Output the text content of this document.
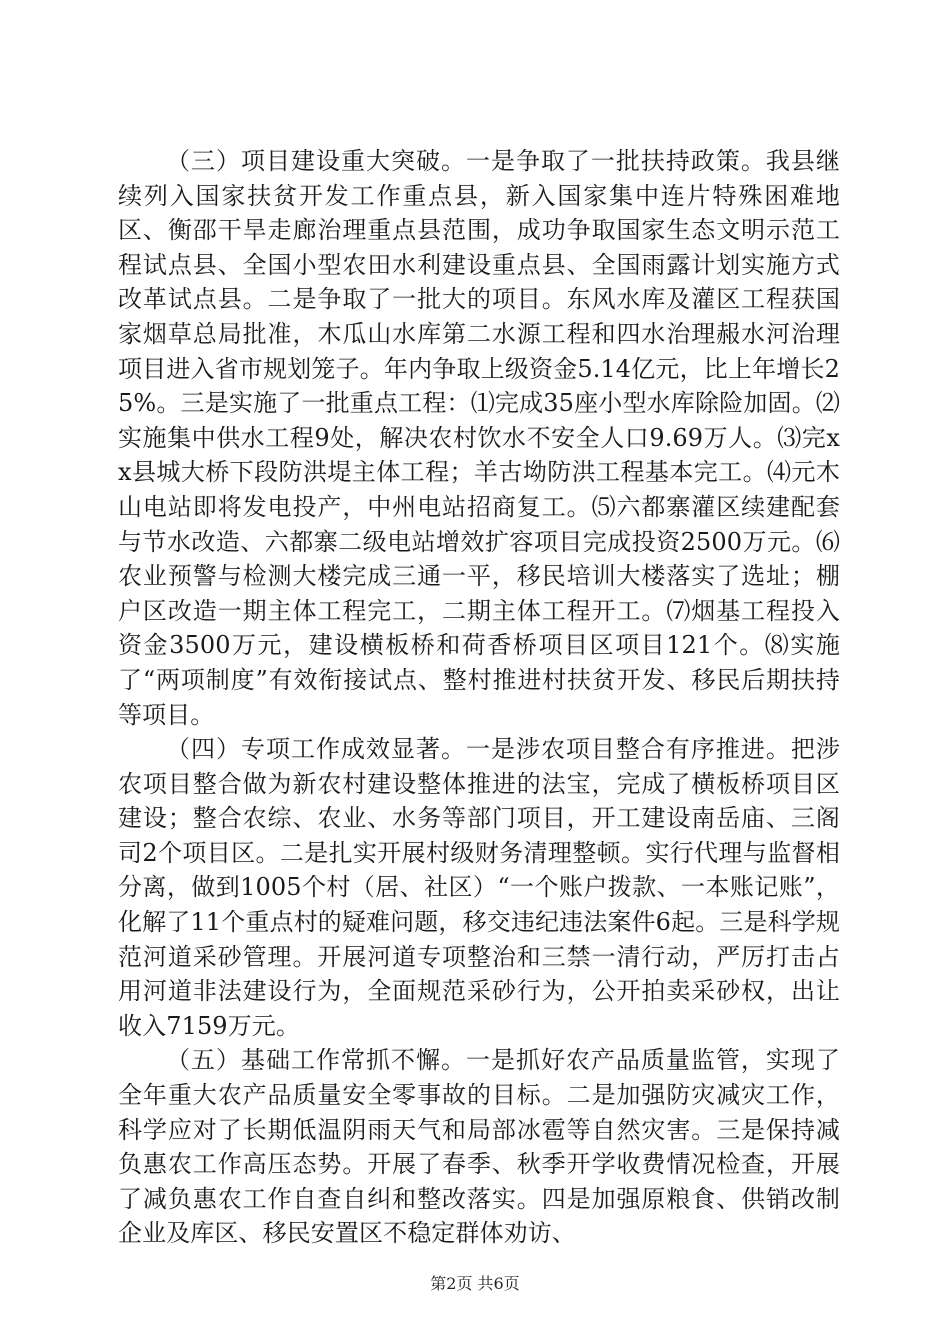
（三）项目建设重大突破。一是争取了一批扶持政策。我县继续列入国家扶贫开发工作重点县，新入国家集中连片特殊困难地区、衡邵干旱走廊治理重点县范围，成功争取国家生态文明示范工程试点县、全国小型农田水利建设重点县、全国雨露计划实施方式改革试点县。二是争取了一批大的项目。东风水库及灌区工程获国家烟草总局批准，木瓜山水库第二水源工程和四水治理赧水河治理项目进入省市规划笼子。年内争取上级资金5.14亿元，比上年增长25%。三是实施了一批重点工程：⑴完成35座小型水库除险加固。⑵实施集中供水工程9处，解决农村饮水不安全人口9.69万人。⑶完xx县城大桥下段防洪堤主体工程；羊古坳防洪工程基本完工。⑷元木山电站即将发电投产，中州电站招商复工。⑸六都寨灌区续建配套与节水改造、六都寨二级电站增效扩容项目完成投资2500万元。⑹农业预警与检测大楼完成三通一平，移民培训大楼落实了选址；棚户区改造一期主体工程完工，二期主体工程开工。⑺烟基工程投入资金3500万元，建设横板桥和荷香桥项目区项目121个。⑻实施了“两项制度”有效衔接试点、整村推进村扶贫开发、移民后期扶持等项目。

（四）专项工作成效显著。一是涉农项目整合有序推进。把涉农项目整合做为新农村建设整体推进的法宝，完成了横板桥项目区建设；整合农综、农业、水务等部门项目，开工建设南岳庙、三阁司2个项目区。二是扎实开展村级财务清理整顿。实行代理与监督相分离，做到1005个村（居、社区）“一个账户拨款、一本账记账”，化解了11个重点村的疑难问题，移交违纪违法案件6起。三是科学规范河道采砂管理。开展河道专项整治和三禁一清行动，严厉打击占用河道非法建设行为，全面规范采砂行为，公开拍卖采砂权，出让收入7159万元。

（五）基础工作常抓不懈。一是抓好农产品质量监管，实现了全年重大农产品质量安全零事故的目标。二是加强防灾减灾工作，科学应对了长期低温阴雨天气和局部冰雹等自然灾害。三是保持减负惠农工作高压态势。开展了春季、秋季开学收费情况检查，开展了减负惠农工作自查自纠和整改落实。四是加强原粮食、供销改制企业及库区、移民安置区不稳定群体劝访、

第2页 共6页
